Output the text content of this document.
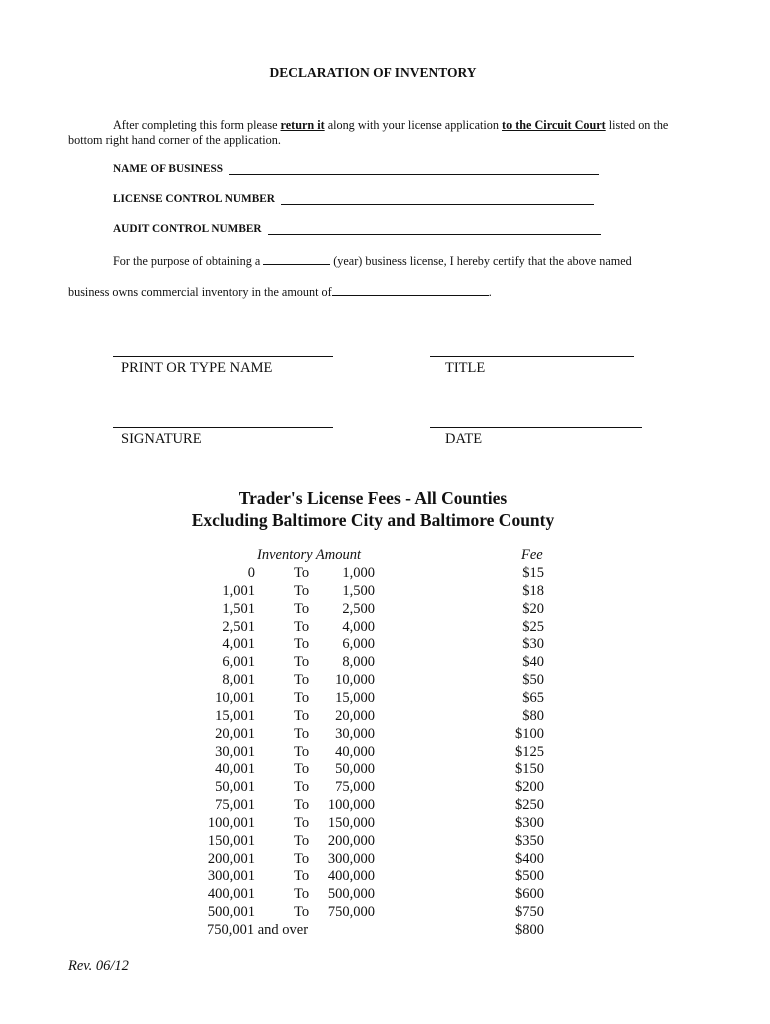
DECLARATION OF INVENTORY
After completing this form please return it along with your license application to the Circuit Court listed on the bottom right hand corner of the application.
NAME OF BUSINESS
LICENSE CONTROL NUMBER
AUDIT CONTROL NUMBER
For the purpose of obtaining a	(year) business license, I hereby certify that the above named
business owns commercial inventory in the amount of	.
PRINT OR TYPE NAME	TITLE
SIGNATURE	DATE
Trader's License Fees - All Counties
Excluding Baltimore City and Baltimore County
Inventory Amount	Fee
0	To 1,000	$15
1,001	To 1,500	$18
1,501	To 2,500	$20
2,501	To 4,000	$25
4,001	To 6,000	$30
6,001	To 8,000	$40
8,001	To 10,000	$50
10,001	To 15,000	$65
15,001	To 20,000	$80
20,001	To 30,000	$100
30,001	To 40,000	$125
40,001	To 50,000	$150
50,001	To 75,000	$200
75,001	To 100,000	$250
100,001	To 150,000	$300
150,001	To 200,000	$350
200,001	To 300,000	$400
300,001	To 400,000	$500
400,001	To 500,000	$600
500,001	To 750,000	$750
750,001 and over	$800
Rev. 06/12
